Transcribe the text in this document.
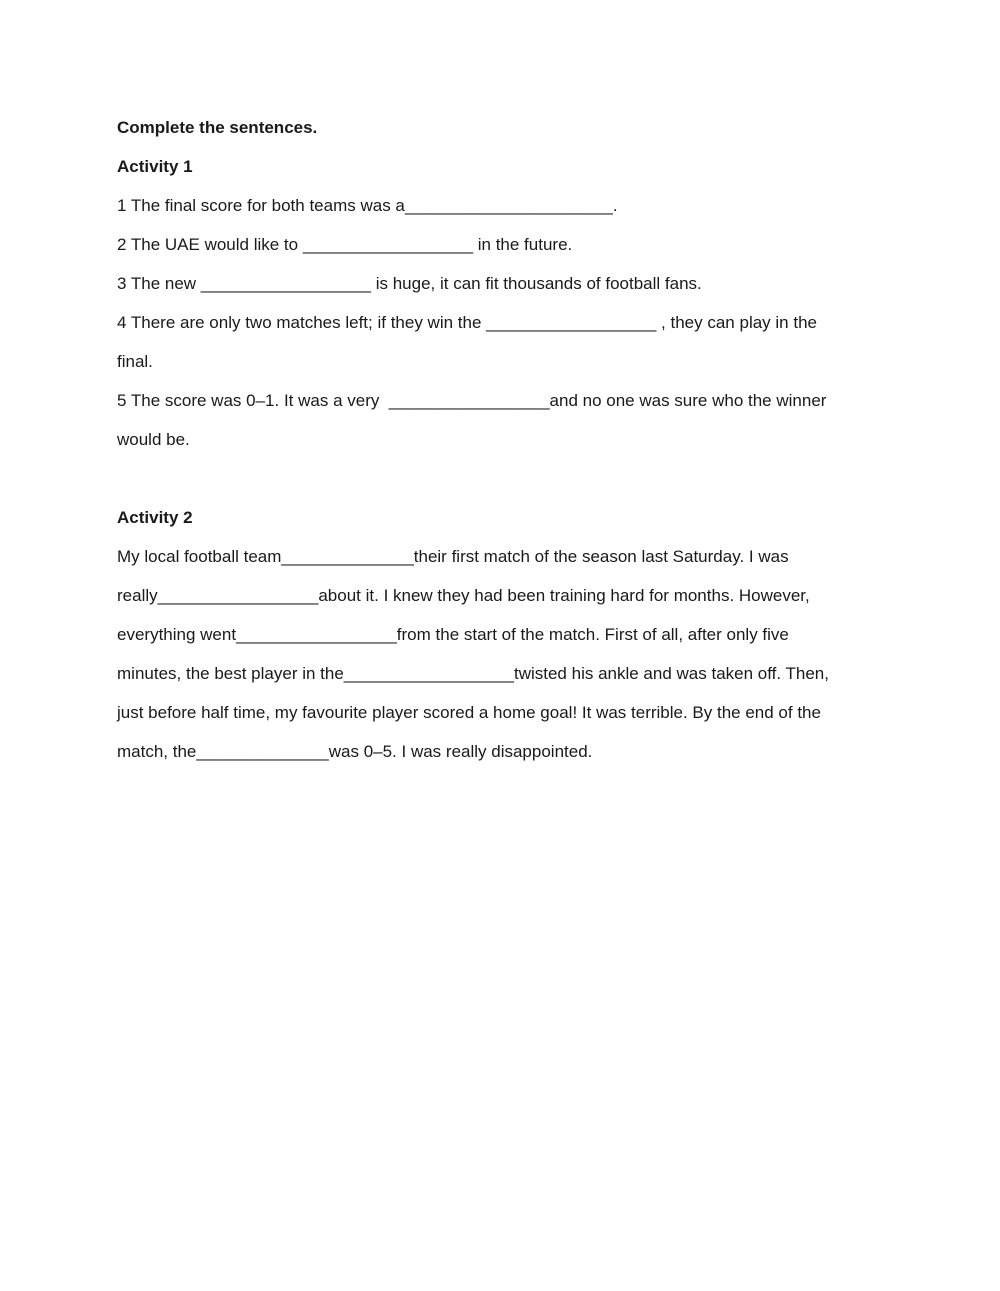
Complete the sentences.

Activity 1

1 The final score for both teams was a______________________.

2 The UAE would like to __________________ in the future.

3 The new __________________ is huge, it can fit thousands of football fans.

4 There are only two matches left; if they win the __________________ , they can play in the

final.

5 The score was 0–1. It was a very  _________________and no one was sure who the winner

would be.

Activity 2

My local football team______________their first match of the season last Saturday. I was

really_________________about it. I knew they had been training hard for months. However,

everything went_________________from the start of the match. First of all, after only five

minutes, the best player in the__________________twisted his ankle and was taken off. Then,

just before half time, my favourite player scored a home goal! It was terrible. By the end of the

match, the______________was 0–5. I was really disappointed.
